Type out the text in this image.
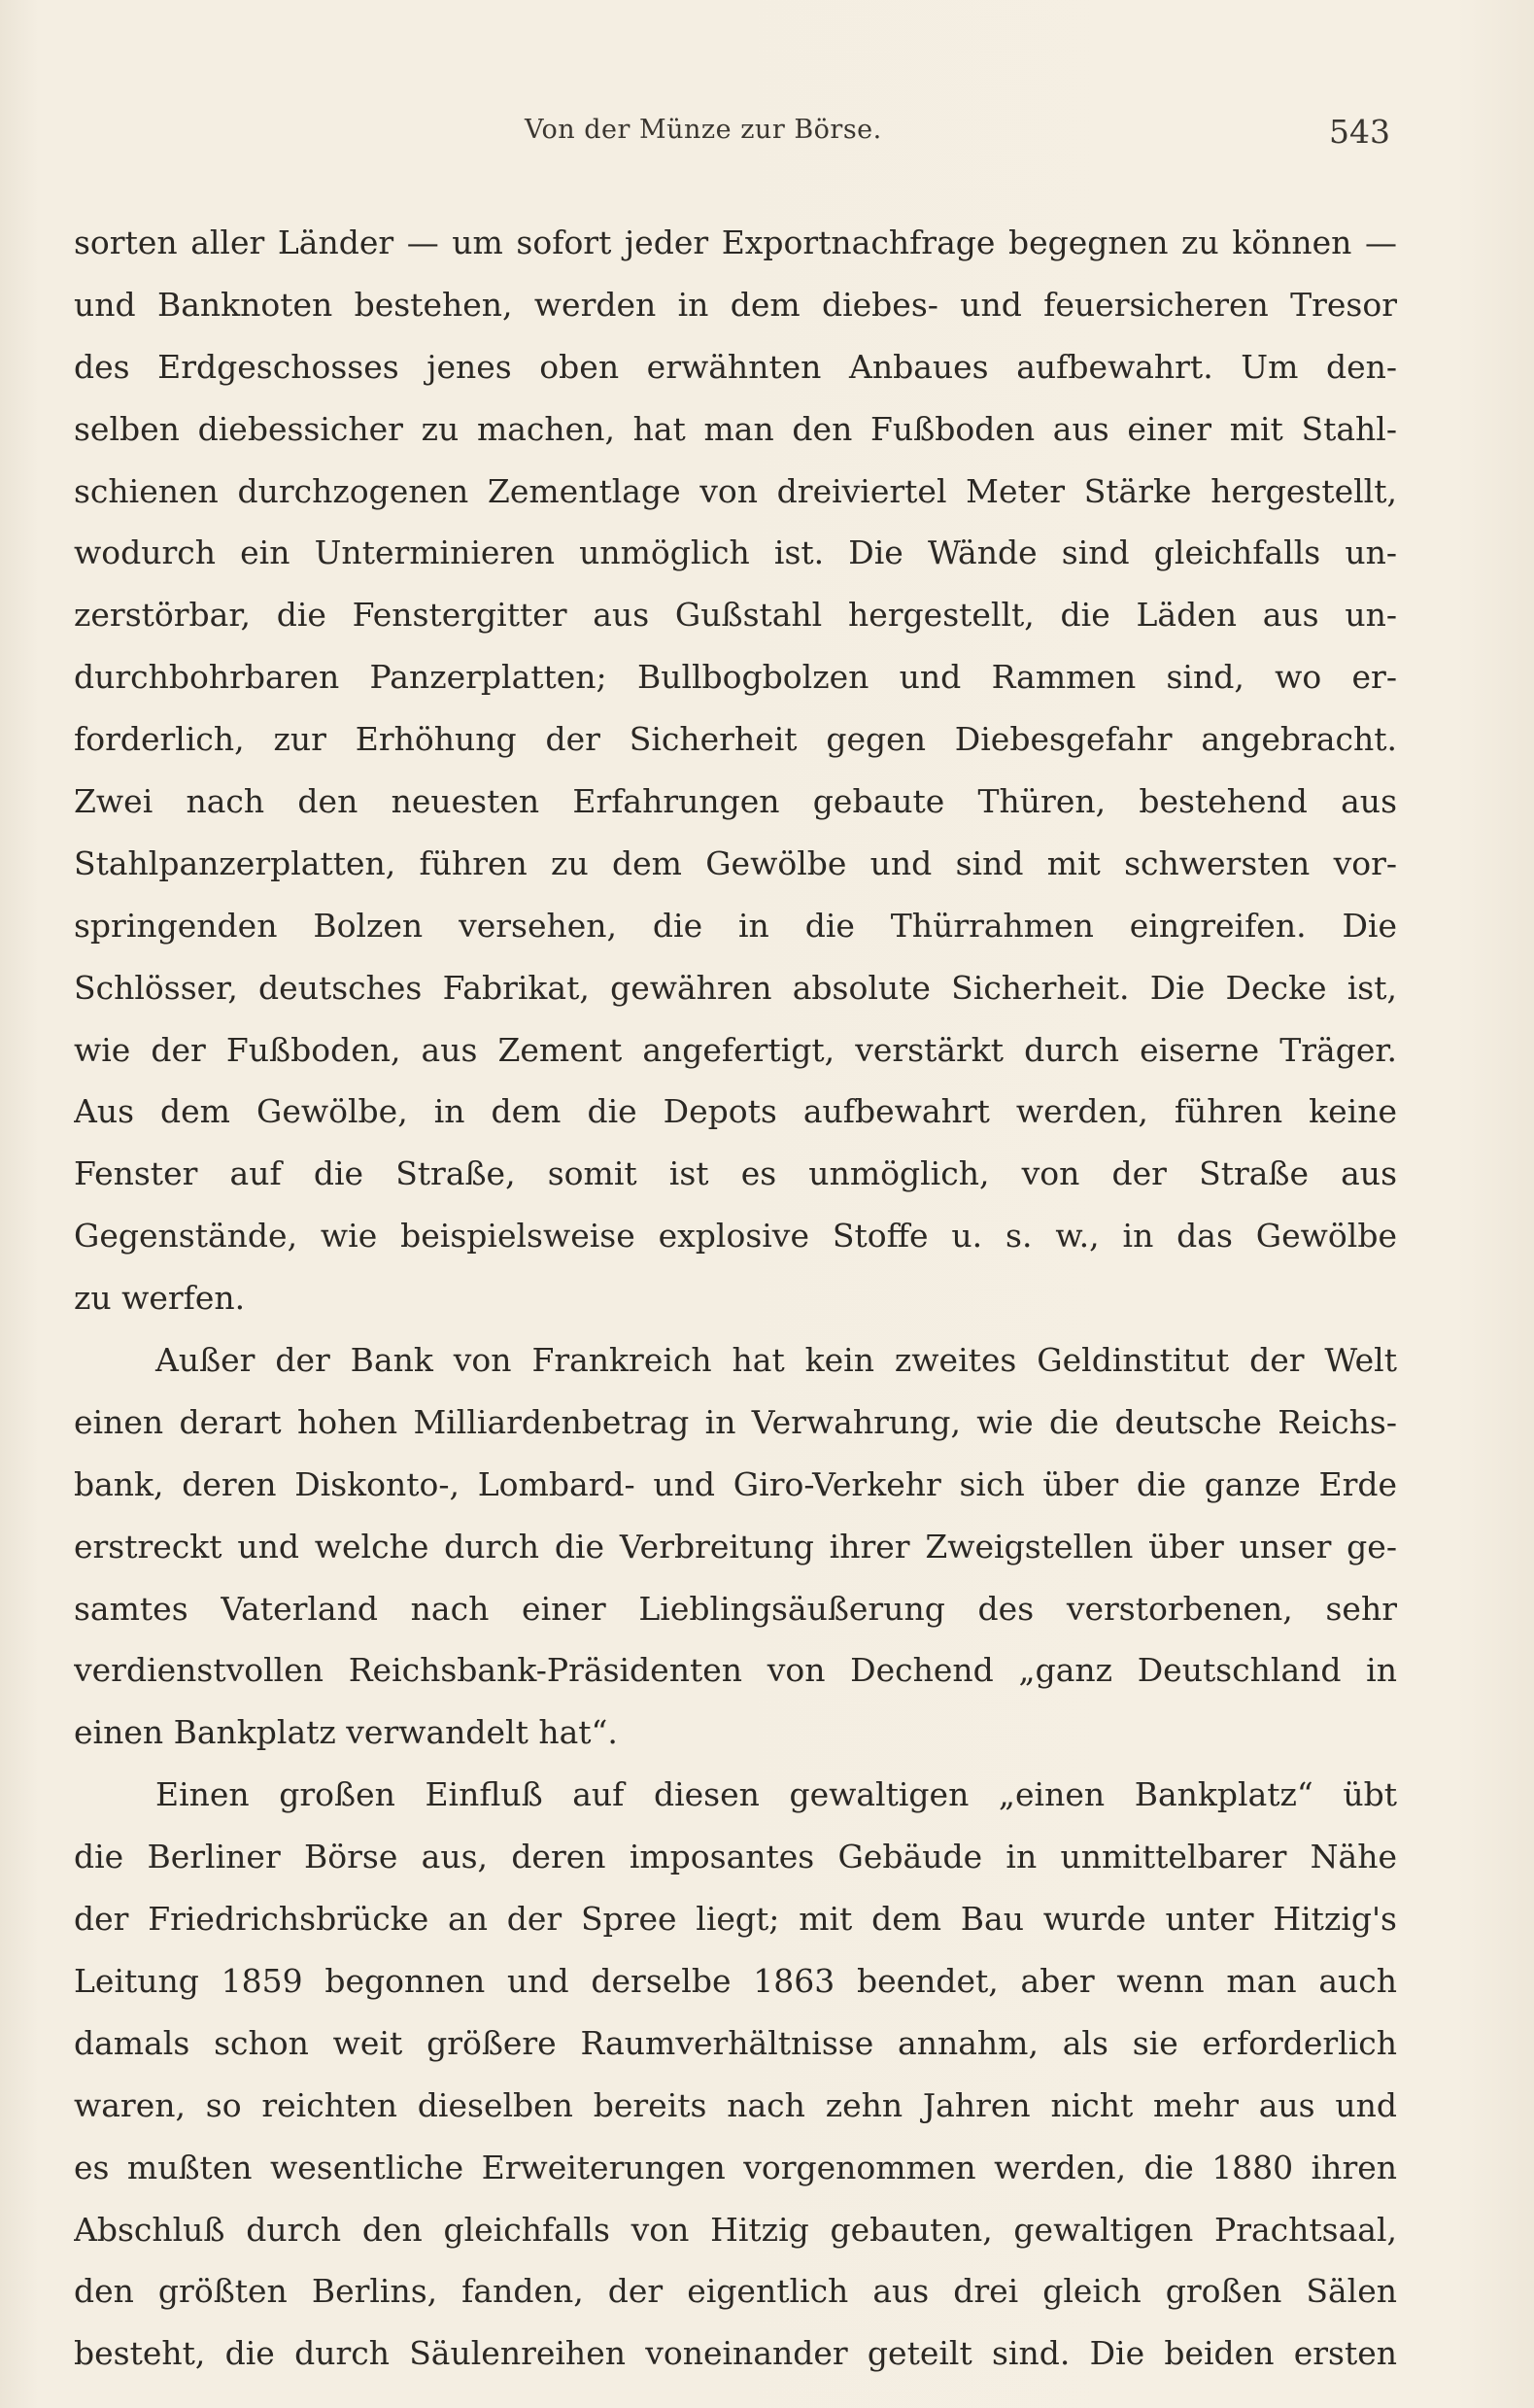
Von der Münze zur Börse.	543
sorten aller Länder — um sofort jeder Exportnachfrage begegnen zu können —
und Banknoten bestehen, werden in dem diebes- und feuersicheren Tresor
des Erdgeschosses jenes oben erwähnten Anbaues aufbewahrt. Um den-
selben diebessicher zu machen, hat man den Fußboden aus einer mit Stahl-
schienen durchzogenen Zementlage von dreiviertel Meter Stärke hergestellt,
wodurch ein Unterminieren unmöglich ist. Die Wände sind gleichfalls un-
zerstörbar, die Fenstergitter aus Gußstahl hergestellt, die Läden aus un-
durchbohrbaren Panzerplatten; Bullbogbolzen und Rammen sind, wo er-
forderlich, zur Erhöhung der Sicherheit gegen Diebesgefahr angebracht.
Zwei nach den neuesten Erfahrungen gebaute Thüren, bestehend aus
Stahlpanzerplatten, führen zu dem Gewölbe und sind mit schwersten vor-
springenden Bolzen versehen, die in die Thürrahmen eingreifen. Die
Schlösser, deutsches Fabrikat, gewähren absolute Sicherheit. Die Decke ist,
wie der Fußboden, aus Zement angefertigt, verstärkt durch eiserne Träger.
Aus dem Gewölbe, in dem die Depots aufbewahrt werden, führen keine
Fenster auf die Straße, somit ist es unmöglich, von der Straße aus
Gegenstände, wie beispielsweise explosive Stoffe u. s. w., in das Gewölbe
zu werfen.
Außer der Bank von Frankreich hat kein zweites Geldinstitut der Welt
einen derart hohen Milliardenbetrag in Verwahrung, wie die deutsche Reichs-
bank, deren Diskonto-, Lombard- und Giro-Verkehr sich über die ganze Erde
erstreckt und welche durch die Verbreitung ihrer Zweigstellen über unser ge-
samtes Vaterland nach einer Lieblingsäußerung des verstorbenen, sehr
verdienstvollen Reichsbank-Präsidenten von Dechend „ganz Deutschland in
einen Bankplatz verwandelt hat“.
Einen großen Einfluß auf diesen gewaltigen „einen Bankplatz“ übt
die Berliner Börse aus, deren imposantes Gebäude in unmittelbarer Nähe
der Friedrichsbrücke an der Spree liegt; mit dem Bau wurde unter Hitzig's
Leitung 1859 begonnen und derselbe 1863 beendet, aber wenn man auch
damals schon weit größere Raumverhältnisse annahm, als sie erforderlich
waren, so reichten dieselben bereits nach zehn Jahren nicht mehr aus und
es mußten wesentliche Erweiterungen vorgenommen werden, die 1880 ihren
Abschluß durch den gleichfalls von Hitzig gebauten, gewaltigen Prachtsaal,
den größten Berlins, fanden, der eigentlich aus drei gleich großen Sälen
besteht, die durch Säulenreihen voneinander geteilt sind. Die beiden ersten
